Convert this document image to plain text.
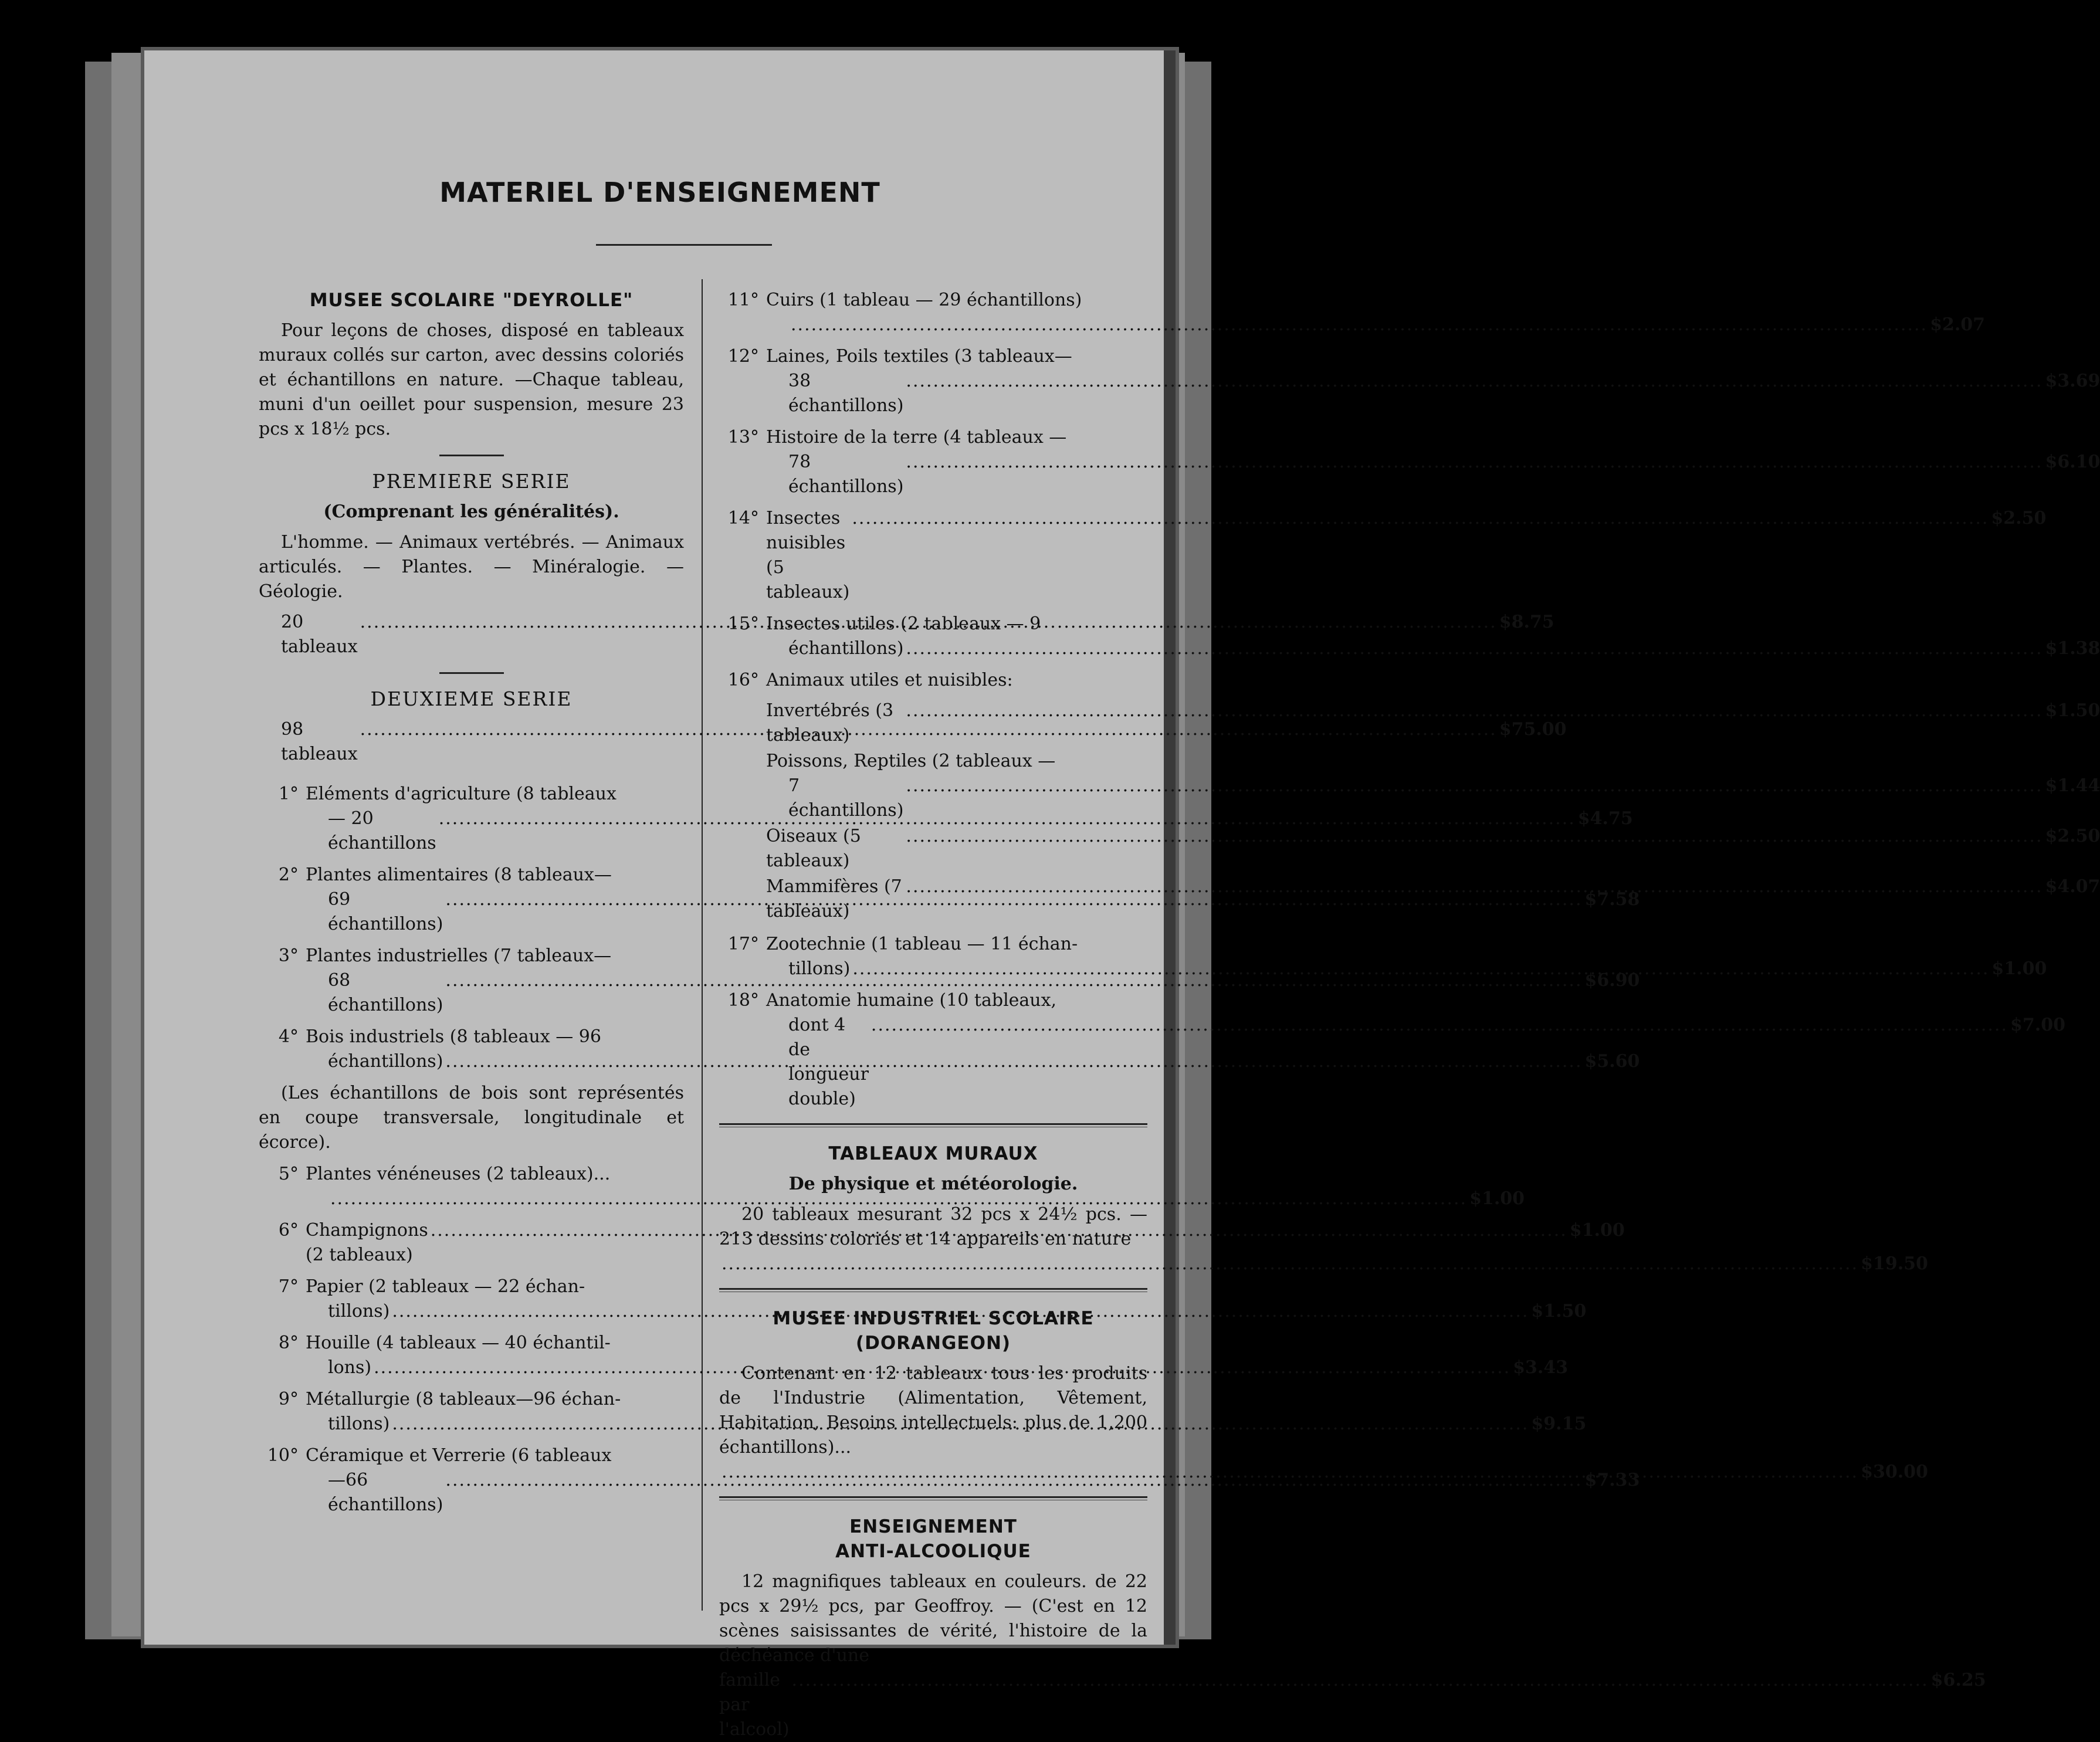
MATERIEL D'ENSEIGNEMENT
MUSEE SCOLAIRE "DEYROLLE"
Pour leçons de choses, disposé en tableaux muraux collés sur carton, avec dessins coloriés et échantillons en nature. —Chaque tableau, muni d'un oeillet pour suspension, mesure 23 pcs x 18½ pcs.
PREMIERE SERIE
(Comprenant les généralités).
L'homme. — Animaux vertébrés. — Animaux articulés. — Plantes. — Minéralogie. — Géologie.
20 tableaux
.....
$8.75
DEUXIEME SERIE
98 tableaux
.....
$75.00
1° Eléments d'agriculture (8 tableaux
— 20 échantillons
.....
$4.75
2° Plantes alimentaires (8 tableaux—
69 échantillons)
.....
$7.58
3° Plantes industrielles (7 tableaux—
68 échantillons)
.....
$6.90
4° Bois industriels (8 tableaux — 96
échantillons) .....	$5.60
(Les échantillons de bois sont représentés en coupe transversale, longitudinale et écorce).
5° Plantes vénéneuses (2 tableaux)...
.....
$1.00
6° Champignons (2 tableaux)
.....
$1.00
7° Papier (2 tableaux — 22 échan-
tillons) .....	$1.50
8° Houille (4 tableaux — 40 échantil-
lons) .....	$3.43
9° Métallurgie (8 tableaux—96 échan-
tillons) .....	$9.15
10° Céramique et Verrerie (6 tableaux
—66 échantillons)
.....
$7.33
11° Cuirs (1 tableau — 29 échantillons)
.....
$2.07
12° Laines, Poils textiles (3 tableaux—
38 échantillons)
.....
$3.69
13° Histoire de la terre (4 tableaux —
78 échantillons)
.....
$6.10
14° Insectes nuisibles (5 tableaux)
.....
$2.50
15° Insectes utiles (2 tableaux — 9
échantillons) .....	$1.38
16° Animaux utiles et nuisibles:
Invertébrés (3 tableaux)
.....
$1.50
Poissons, Reptiles (2 tableaux —
7 échantillons)
.....
$1.44
Oiseaux (5 tableaux)
.....
$2.50
Mammifères (7 tableaux)
.....
$4.07
17° Zootechnie (1 tableau — 11 échan-
tillons) .....	$1.00
18° Anatomie humaine (10 tableaux,
dont 4 de longueur double)
.....
$7.00
TABLEAUX MURAUX
De physique et météorologie.
20 tableaux mesurant 32 pcs x 24½ pcs. — 213 dessins coloriés et 14 appareils en nature
.....
$19.50
MUSEE INDUSTRIEL SCOLAIRE
(DORANGEON)
Contenant en 12 tableaux tous les produits de l'Industrie (Alimentation, Vêtement, Habitation, Besoins intellectuels: plus de 1,200 échantillons)...
.....
$30.00
ENSEIGNEMENT
ANTI-ALCOOLIQUE
12 magnifiques tableaux en couleurs. de 22 pcs x 29½ pcs, par Geoffroy. — (C'est en 12 scènes saisissantes de vérité, l'histoire de la déchéance d'une
famille par l'alcool)
.....
$6.25
